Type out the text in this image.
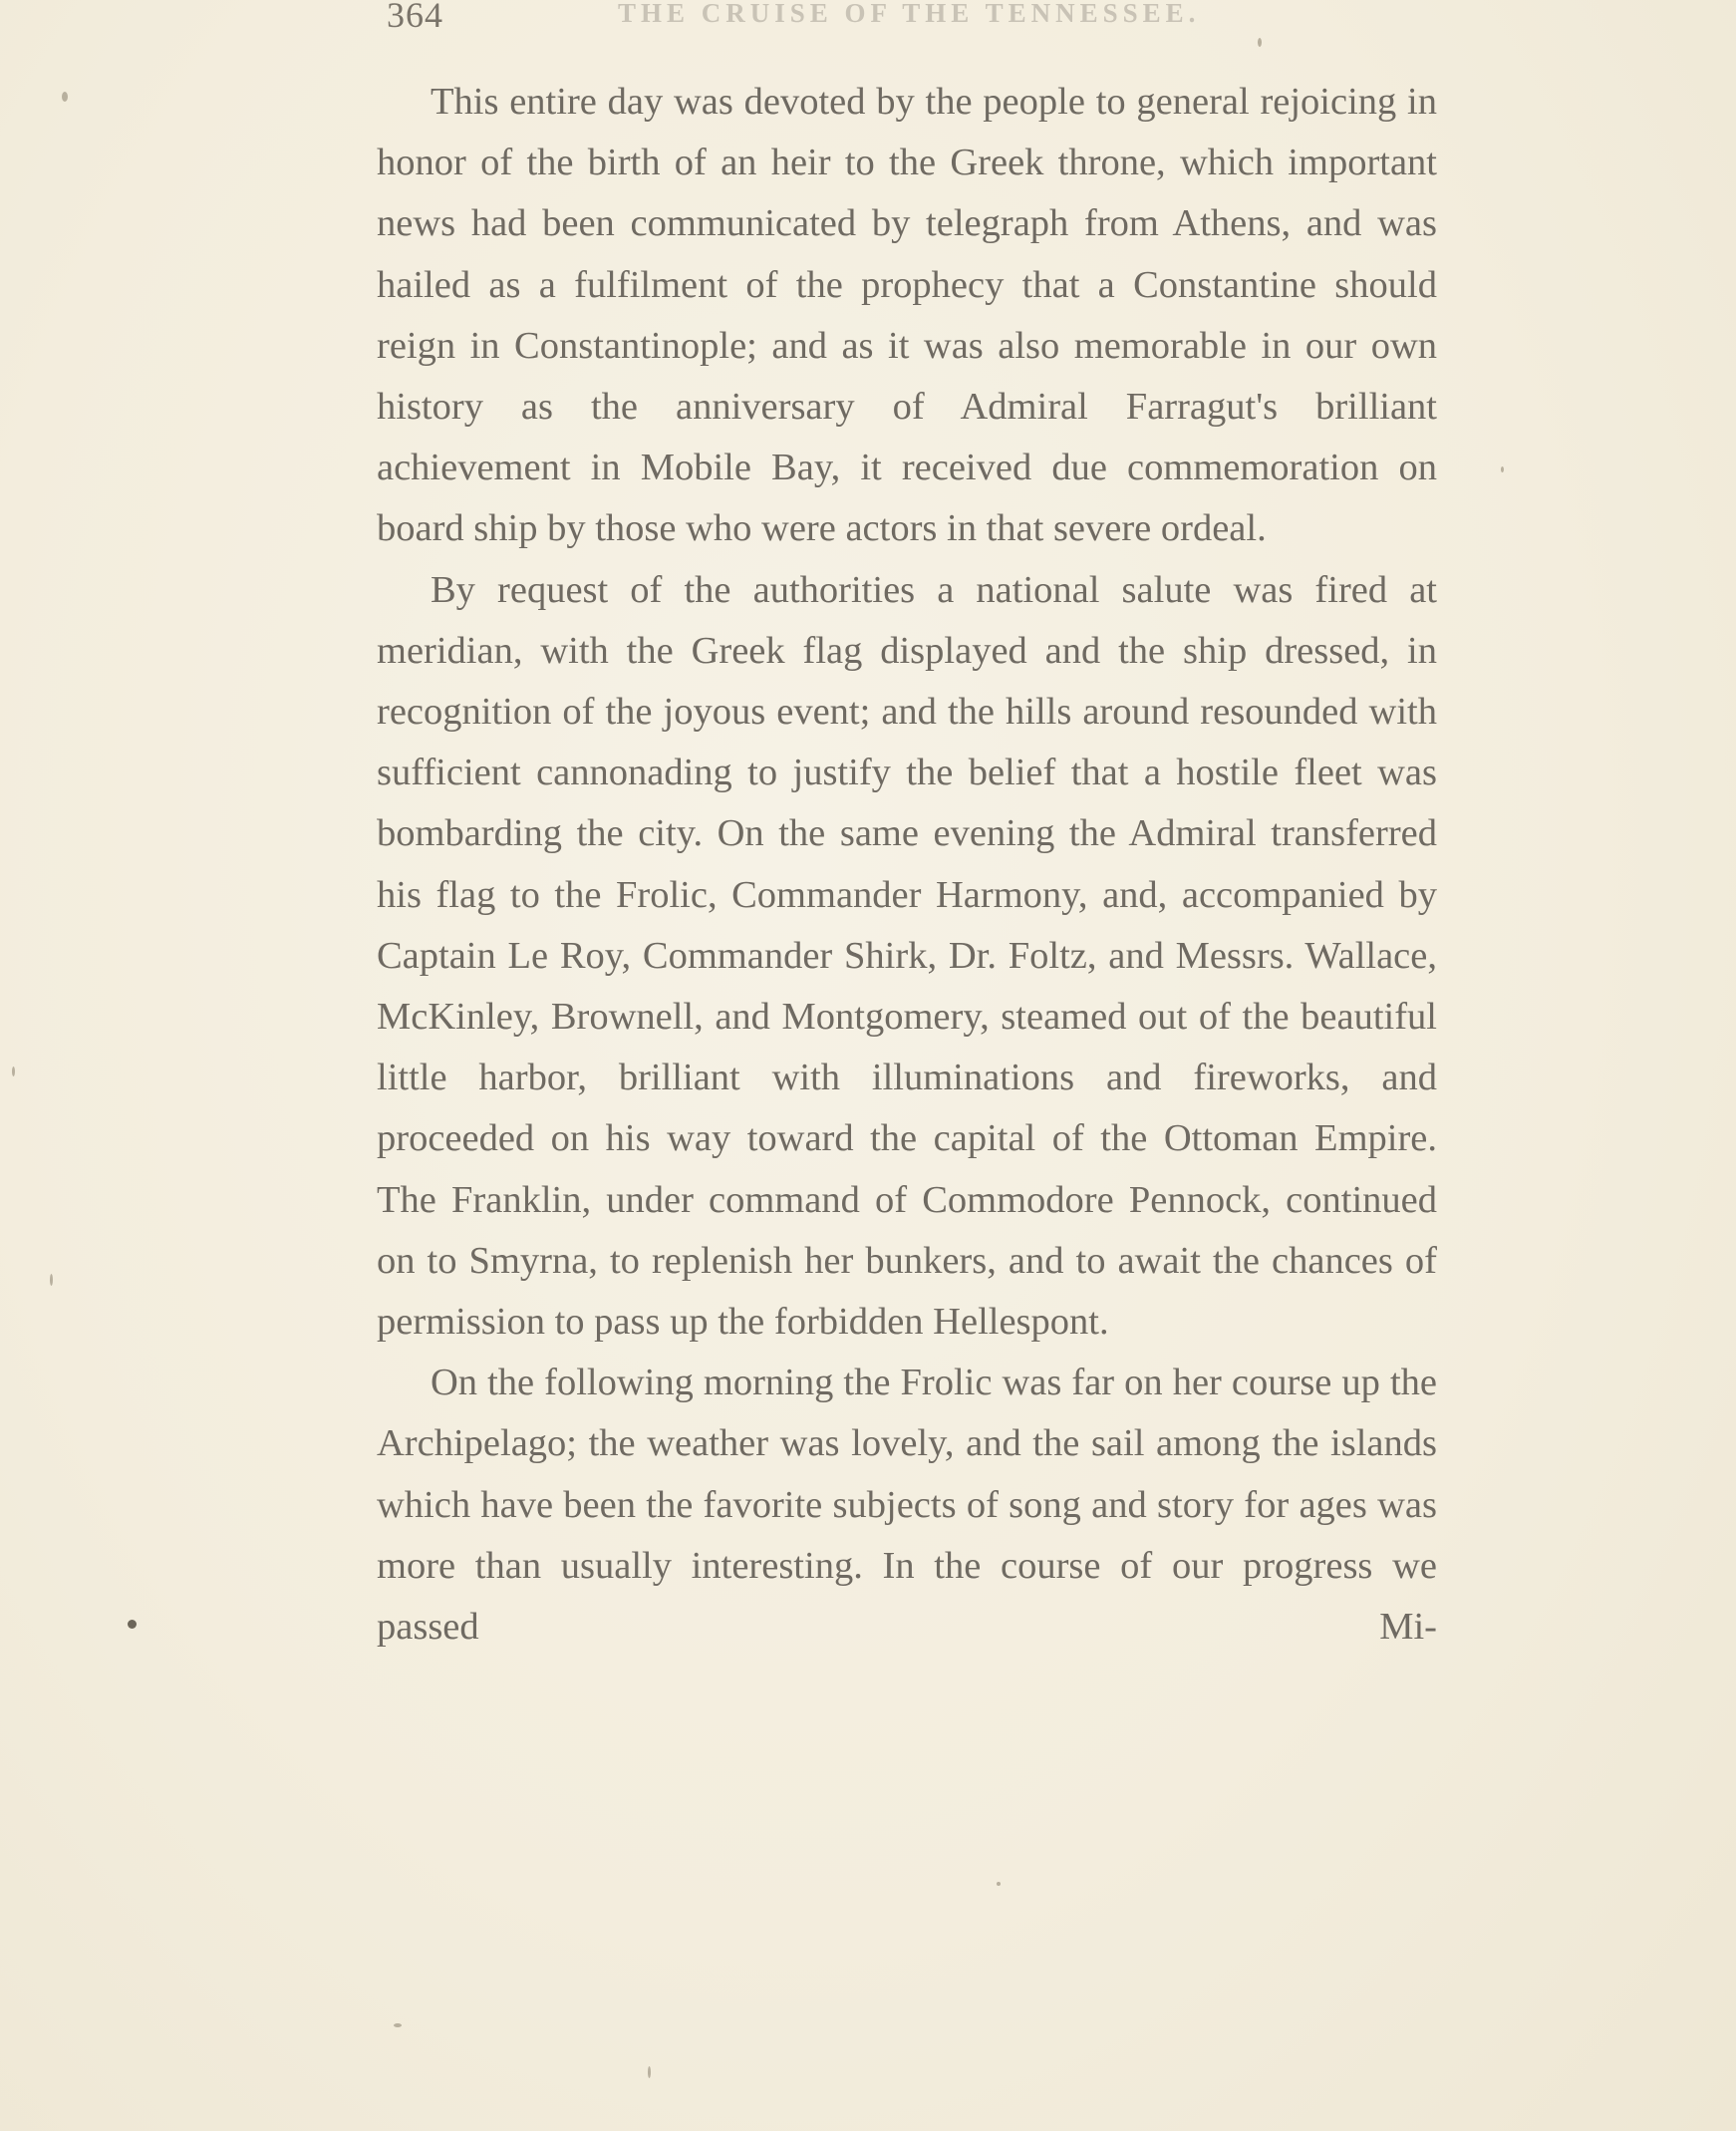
364	THE CRUISE OF THE TENNESSEE.

This entire day was devoted by the people to general rejoicing in honor of the birth of an heir to the Greek throne, which important news had been communicated by telegraph from Athens, and was hailed as a fulfilment of the prophecy that a Constantine should reign in Constantinople; and as it was also memorable in our own history as the anniversary of Admiral Farragut's brilliant achievement in Mobile Bay, it received due commemoration on board ship by those who were actors in that severe ordeal.

By request of the authorities a national salute was fired at meridian, with the Greek flag displayed and the ship dressed, in recognition of the joyous event; and the hills around resounded with sufficient cannonading to justify the belief that a hostile fleet was bombarding the city. On the same evening the Admiral transferred his flag to the Frolic, Commander Harmony, and, accompanied by Captain Le Roy, Commander Shirk, Dr. Foltz, and Messrs. Wallace, McKinley, Brownell, and Montgomery, steamed out of the beautiful little harbor, brilliant with illuminations and fireworks, and proceeded on his way toward the capital of the Ottoman Empire. The Franklin, under command of Commodore Pennock, continued on to Smyrna, to replenish her bunkers, and to await the chances of permission to pass up the forbidden Hellespont.

On the following morning the Frolic was far on her course up the Archipelago; the weather was lovely, and the sail among the islands which have been the favorite subjects of song and story for ages was more than usually interesting. In the course of our progress we passed Mi-
